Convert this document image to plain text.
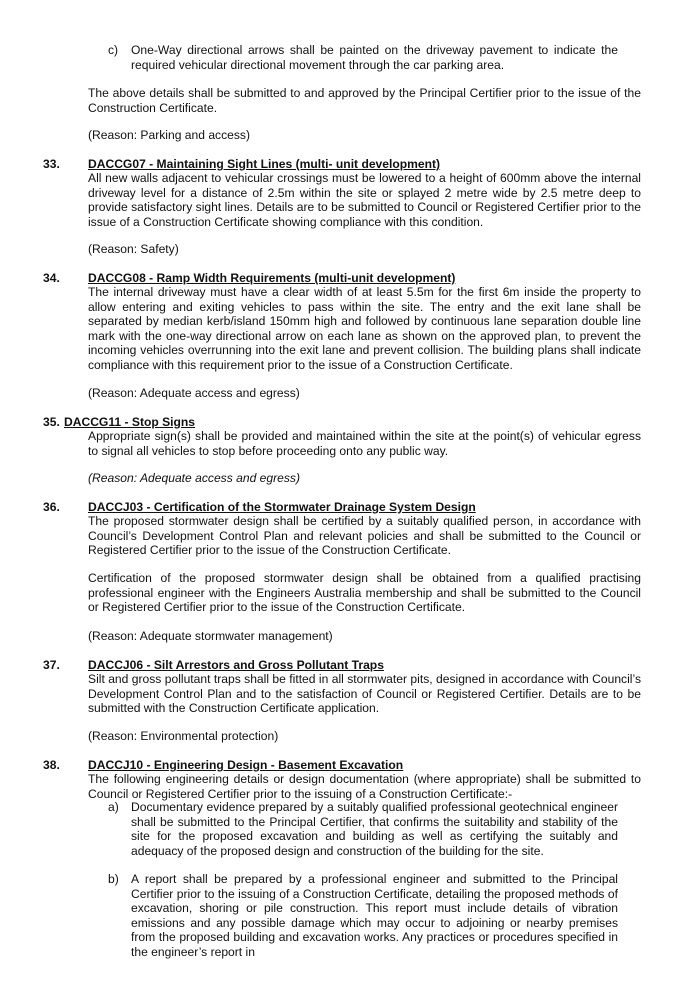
c) One-Way directional arrows shall be painted on the driveway pavement to indicate the required vehicular directional movement through the car parking area.
The above details shall be submitted to and approved by the Principal Certifier prior to the issue of the Construction Certificate.
(Reason: Parking and access)
33. DACCG07 - Maintaining Sight Lines (multi- unit development)
All new walls adjacent to vehicular crossings must be lowered to a height of 600mm above the internal driveway level for a distance of 2.5m within the site or splayed 2 metre wide by 2.5 metre deep to provide satisfactory sight lines. Details are to be submitted to Council or Registered Certifier prior to the issue of a Construction Certificate showing compliance with this condition.
(Reason: Safety)
34. DACCG08 - Ramp Width Requirements (multi-unit development)
The internal driveway must have a clear width of at least 5.5m for the first 6m inside the property to allow entering and exiting vehicles to pass within the site. The entry and the exit lane shall be separated by median kerb/island 150mm high and followed by continuous lane separation double line mark with the one-way directional arrow on each lane as shown on the approved plan, to prevent the incoming vehicles overrunning into the exit lane and prevent collision. The building plans shall indicate compliance with this requirement prior to the issue of a Construction Certificate.
(Reason: Adequate access and egress)
35. DACCG11 - Stop Signs
Appropriate sign(s) shall be provided and maintained within the site at the point(s) of vehicular egress to signal all vehicles to stop before proceeding onto any public way.
(Reason: Adequate access and egress)
36. DACCJ03 - Certification of the Stormwater Drainage System Design
The proposed stormwater design shall be certified by a suitably qualified person, in accordance with Council’s Development Control Plan and relevant policies and shall be submitted to the Council or Registered Certifier prior to the issue of the Construction Certificate.
Certification of the proposed stormwater design shall be obtained from a qualified practising professional engineer with the Engineers Australia membership and shall be submitted to the Council or Registered Certifier prior to the issue of the Construction Certificate.
(Reason: Adequate stormwater management)
37. DACCJ06 - Silt Arrestors and Gross Pollutant Traps
Silt and gross pollutant traps shall be fitted in all stormwater pits, designed in accordance with Council’s Development Control Plan and to the satisfaction of Council or Registered Certifier. Details are to be submitted with the Construction Certificate application.
(Reason: Environmental protection)
38. DACCJ10 - Engineering Design - Basement Excavation
The following engineering details or design documentation (where appropriate) shall be submitted to Council or Registered Certifier prior to the issuing of a Construction Certificate:-
a) Documentary evidence prepared by a suitably qualified professional geotechnical engineer shall be submitted to the Principal Certifier, that confirms the suitability and stability of the site for the proposed excavation and building as well as certifying the suitably and adequacy of the proposed design and construction of the building for the site.
b) A report shall be prepared by a professional engineer and submitted to the Principal Certifier prior to the issuing of a Construction Certificate, detailing the proposed methods of excavation, shoring or pile construction. This report must include details of vibration emissions and any possible damage which may occur to adjoining or nearby premises from the proposed building and excavation works. Any practices or procedures specified in the engineer’s report in
